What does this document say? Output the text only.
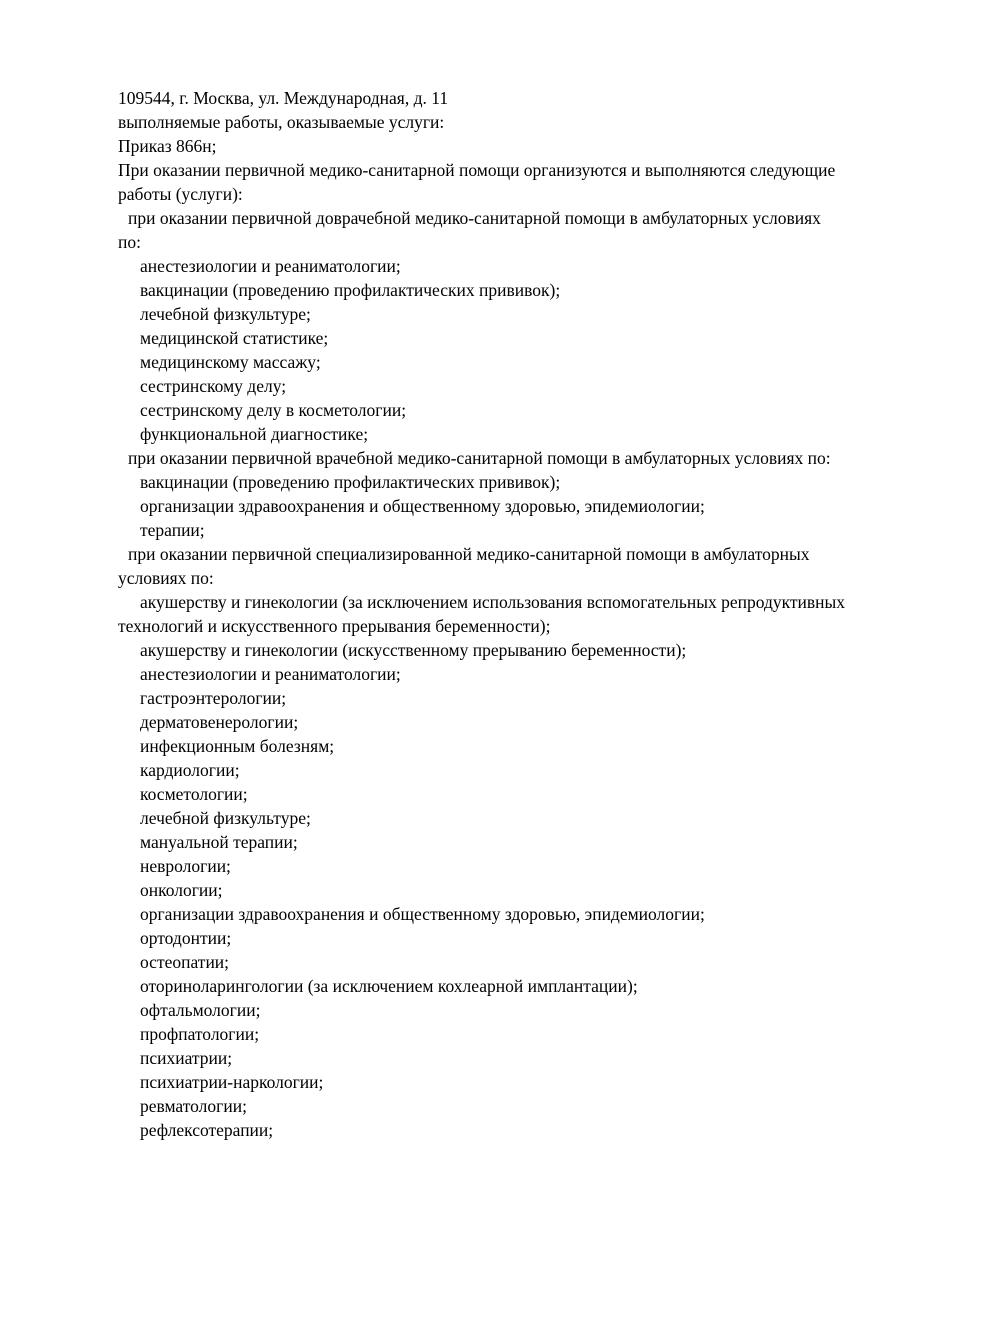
109544, г. Москва, ул. Международная, д. 11
выполняемые работы, оказываемые услуги:
Приказ 866н;
При оказании первичной медико-санитарной помощи организуются и выполняются следующие
работы (услуги):
при оказании первичной доврачебной медико-санитарной помощи в амбулаторных условиях
по:
анестезиологии и реаниматологии;
вакцинации (проведению профилактических прививок);
лечебной физкультуре;
медицинской статистике;
медицинскому массажу;
сестринскому делу;
сестринскому делу в косметологии;
функциональной диагностике;
при оказании первичной врачебной медико-санитарной помощи в амбулаторных условиях по:
вакцинации (проведению профилактических прививок);
организации здравоохранения и общественному здоровью, эпидемиологии;
терапии;
при оказании первичной специализированной медико-санитарной помощи в амбулаторных
условиях по:
акушерству и гинекологии (за исключением использования вспомогательных репродуктивных
технологий и искусственного прерывания беременности);
акушерству и гинекологии (искусственному прерыванию беременности);
анестезиологии и реаниматологии;
гастроэнтерологии;
дерматовенерологии;
инфекционным болезням;
кардиологии;
косметологии;
лечебной физкультуре;
мануальной терапии;
неврологии;
онкологии;
организации здравоохранения и общественному здоровью, эпидемиологии;
ортодонтии;
остеопатии;
оториноларингологии (за исключением кохлеарной имплантации);
офтальмологии;
профпатологии;
психиатрии;
психиатрии-наркологии;
ревматологии;
рефлексотерапии;
